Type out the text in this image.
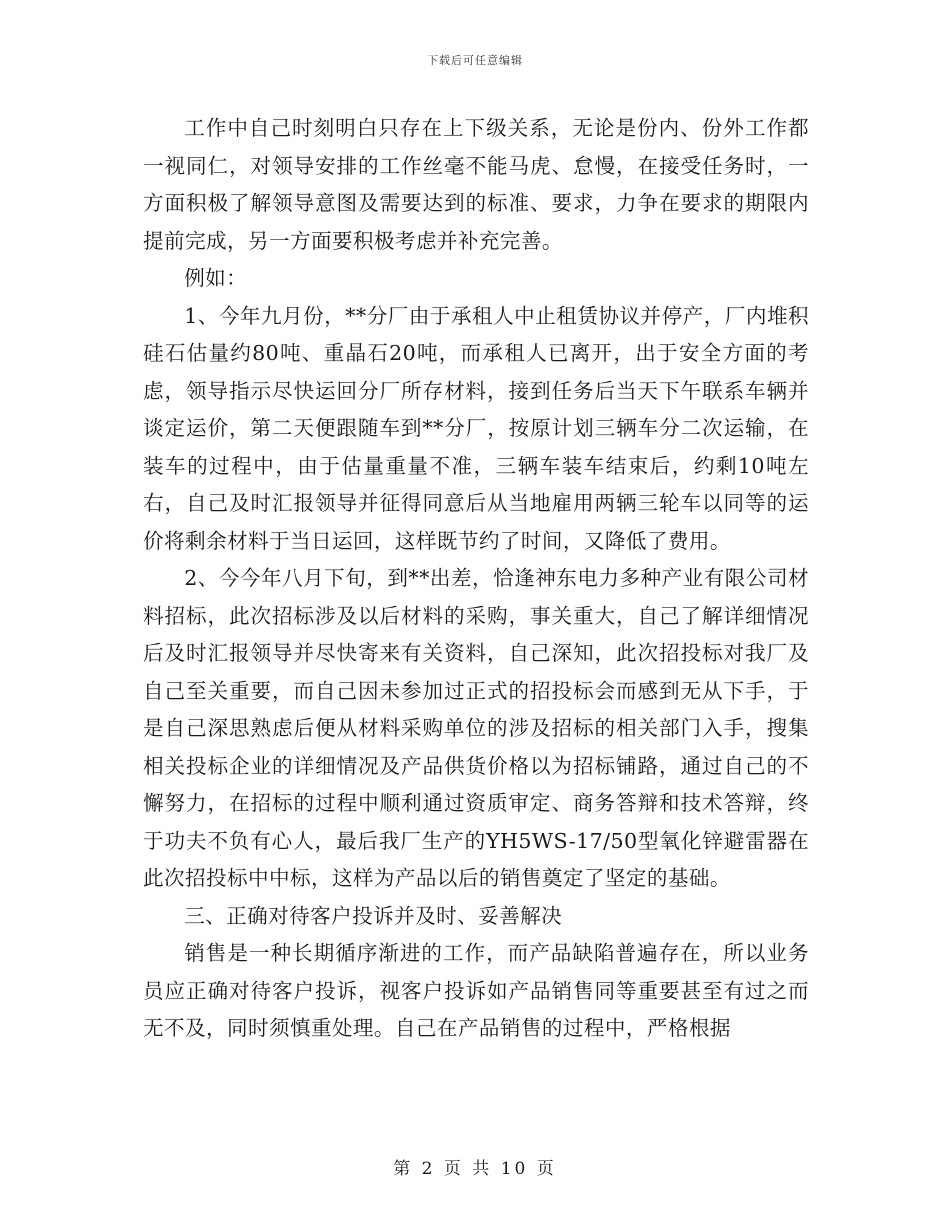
下载后可任意编辑

工作中自己时刻明白只存在上下级关系，无论是份内、份外工作都一视同仁，对领导安排的工作丝毫不能马虎、怠慢，在接受任务时，一方面积极了解领导意图及需要达到的标准、要求，力争在要求的期限内提前完成，另一方面要积极考虑并补充完善。

例如：

1、今年九月份，**分厂由于承租人中止租赁协议并停产，厂内堆积硅石估量约80吨、重晶石20吨，而承租人已离开，出于安全方面的考虑，领导指示尽快运回分厂所存材料，接到任务后当天下午联系车辆并谈定运价，第二天便跟随车到**分厂，按原计划三辆车分二次运输，在装车的过程中，由于估量重量不准，三辆车装车结束后，约剩10吨左右，自己及时汇报领导并征得同意后从当地雇用两辆三轮车以同等的运价将剩余材料于当日运回，这样既节约了时间，又降低了费用。

2、今今年八月下旬，到**出差，恰逢神东电力多种产业有限公司材料招标，此次招标涉及以后材料的采购，事关重大，自己了解详细情况后及时汇报领导并尽快寄来有关资料，自己深知，此次招投标对我厂及自己至关重要，而自己因未参加过正式的招投标会而感到无从下手，于是自己深思熟虑后便从材料采购单位的涉及招标的相关部门入手，搜集相关投标企业的详细情况及产品供货价格以为招标铺路，通过自己的不懈努力，在招标的过程中顺利通过资质审定、商务答辩和技术答辩，终于功夫不负有心人，最后我厂生产的YH5WS-17/50型氧化锌避雷器在此次招投标中中标，这样为产品以后的销售奠定了坚定的基础。

三、正确对待客户投诉并及时、妥善解决

销售是一种长期循序渐进的工作，而产品缺陷普遍存在，所以业务员应正确对待客户投诉，视客户投诉如产品销售同等重要甚至有过之而无不及，同时须慎重处理。自己在产品销售的过程中，严格根据

第 2 页 共 10 页
